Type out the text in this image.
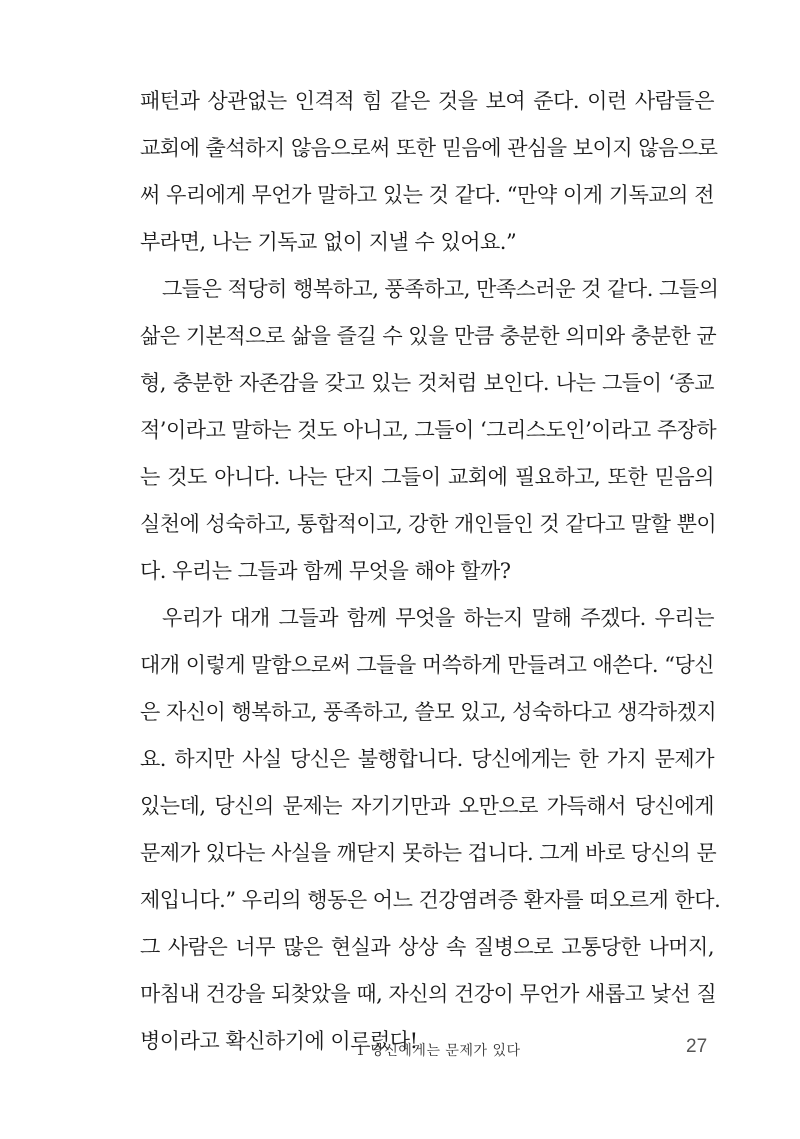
패턴과 상관없는 인격적 힘 같은 것을 보여 준다. 이런 사람들은
교회에 출석하지 않음으로써 또한 믿음에 관심을 보이지 않음으로
써 우리에게 무언가 말하고 있는 것 같다. “만약 이게 기독교의 전
부라면, 나는 기독교 없이 지낼 수 있어요.”
그들은 적당히 행복하고, 풍족하고, 만족스러운 것 같다. 그들의
삶은 기본적으로 삶을 즐길 수 있을 만큼 충분한 의미와 충분한 균
형, 충분한 자존감을 갖고 있는 것처럼 보인다. 나는 그들이 ‘종교
적’이라고 말하는 것도 아니고, 그들이 ‘그리스도인’이라고 주장하
는 것도 아니다. 나는 단지 그들이 교회에 필요하고, 또한 믿음의
실천에 성숙하고, 통합적이고, 강한 개인들인 것 같다고 말할 뿐이
다. 우리는 그들과 함께 무엇을 해야 할까?
우리가 대개 그들과 함께 무엇을 하는지 말해 주겠다. 우리는
대개 이렇게 말함으로써 그들을 머쓱하게 만들려고 애쓴다. “당신
은 자신이 행복하고, 풍족하고, 쓸모 있고, 성숙하다고 생각하겠지
요. 하지만 사실 당신은 불행합니다. 당신에게는 한 가지 문제가
있는데, 당신의 문제는 자기기만과 오만으로 가득해서 당신에게
문제가 있다는 사실을 깨닫지 못하는 겁니다. 그게 바로 당신의 문
제입니다.” 우리의 행동은 어느 건강염려증 환자를 떠오르게 한다.
그 사람은 너무 많은 현실과 상상 속 질병으로 고통당한 나머지,
마침내 건강을 되찾았을 때, 자신의 건강이 무언가 새롭고 낯선 질
병이라고 확신하기에 이르렀다!
1 당신에게는 문제가 있다	27
